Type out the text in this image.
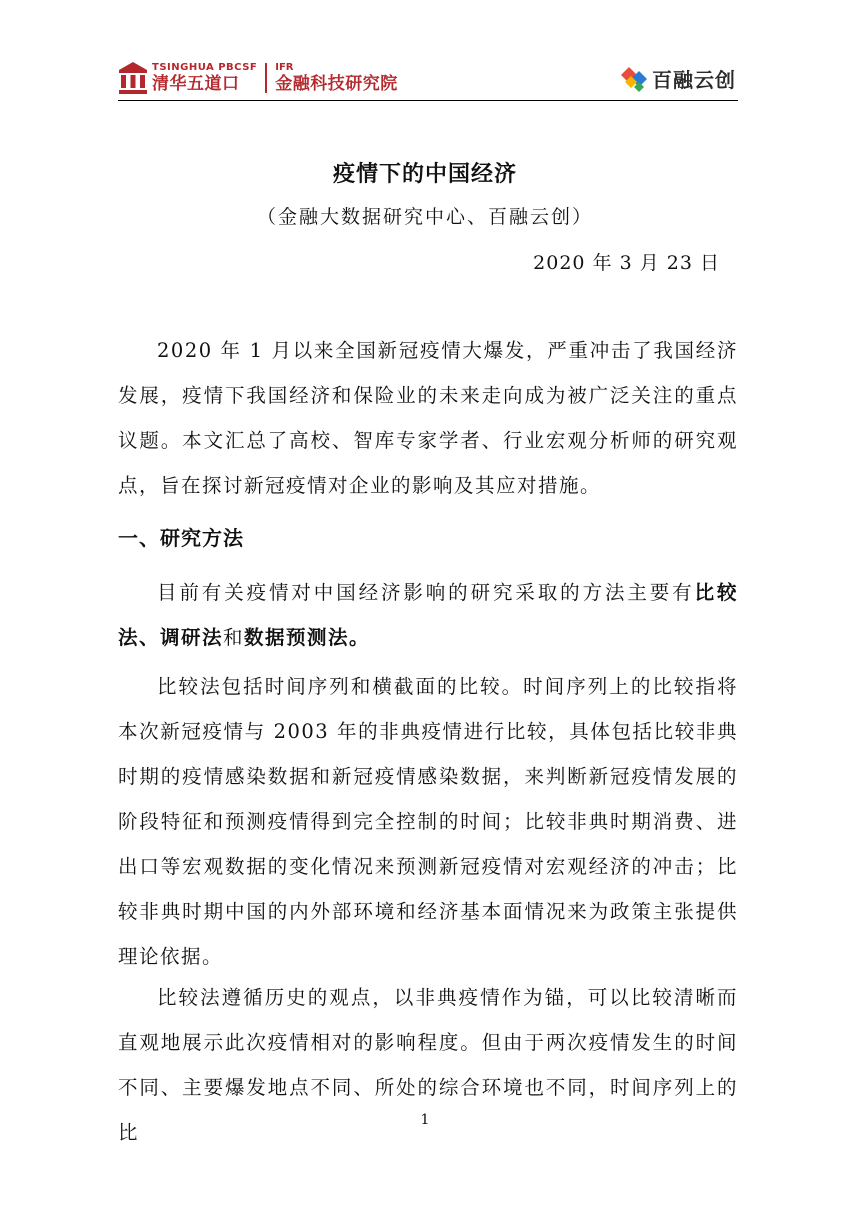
TSINGHUA PBCSF
清华五道口
IFR
金融科技研究院	百融云创
疫情下的中国经济
（金融大数据研究中心、百融云创）
2020 年 3 月 23 日

2020 年 1 月以来全国新冠疫情大爆发，严重冲击了我国经济发展，疫情下我国经济和保险业的未来走向成为被广泛关注的重点议题。本文汇总了高校、智库专家学者、行业宏观分析师的研究观点，旨在探讨新冠疫情对企业的影响及其应对措施。

一、研究方法

目前有关疫情对中国经济影响的研究采取的方法主要有比较法、调研法和数据预测法。

比较法包括时间序列和横截面的比较。时间序列上的比较指将本次新冠疫情与 2003 年的非典疫情进行比较，具体包括比较非典时期的疫情感染数据和新冠疫情感染数据，来判断新冠疫情发展的阶段特征和预测疫情得到完全控制的时间；比较非典时期消费、进出口等宏观数据的变化情况来预测新冠疫情对宏观经济的冲击；比较非典时期中国的内外部环境和经济基本面情况来为政策主张提供理论依据。

比较法遵循历史的观点，以非典疫情作为锚，可以比较清晰而直观地展示此次疫情相对的影响程度。但由于两次疫情发生的时间不同、主要爆发地点不同、所处的综合环境也不同，时间序列上的比

1
